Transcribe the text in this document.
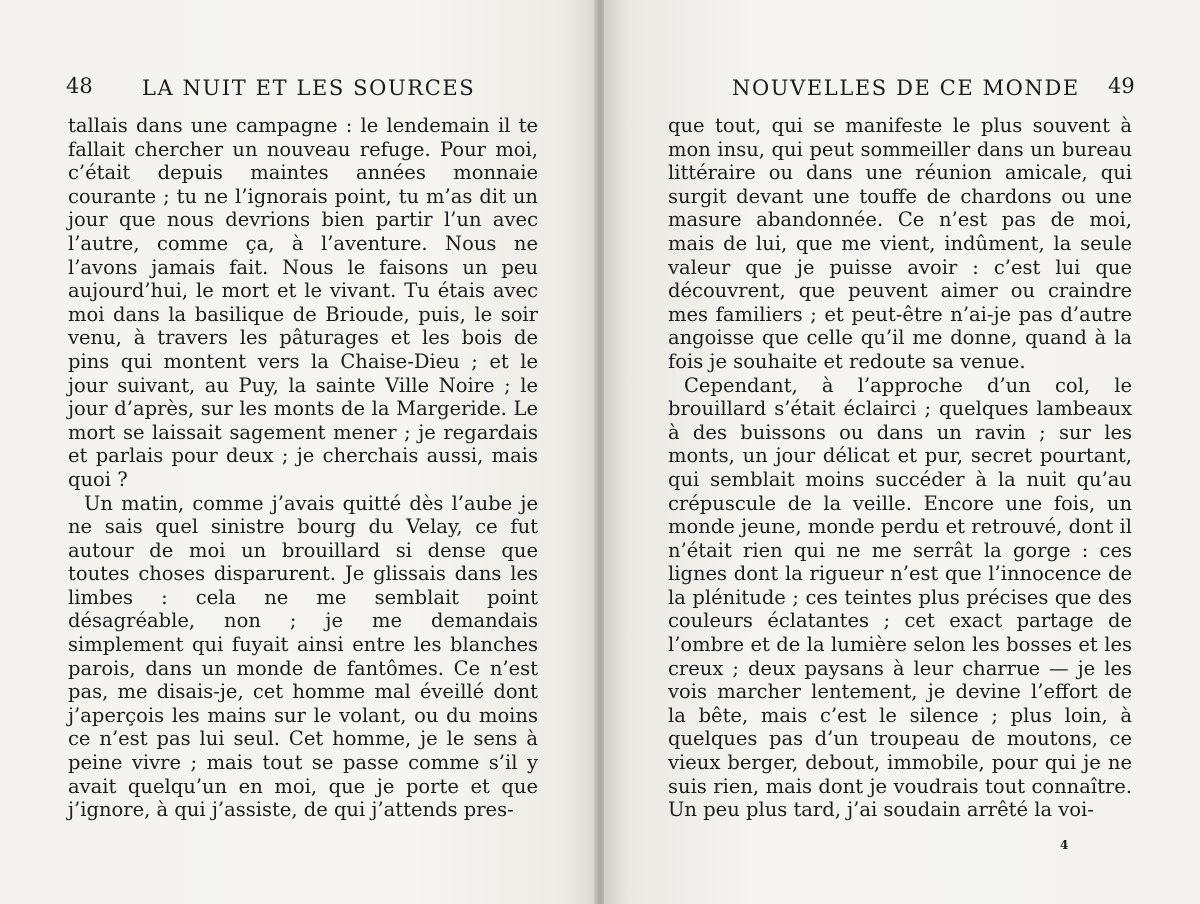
48 LA NUIT ET LES SOURCES

tallais dans une campagne : le lendemain il te fallait chercher un nouveau refuge. Pour moi, c’était depuis maintes années monnaie courante ; tu ne l’ignorais point, tu m’as dit un jour que nous devrions bien partir l’un avec l’autre, comme ça, à l’aventure. Nous ne l’avons jamais fait. Nous le faisons un peu aujourd’hui, le mort et le vivant. Tu étais avec moi dans la basilique de Brioude, puis, le soir venu, à travers les pâturages et les bois de pins qui montent vers la Chaise-Dieu ; et le jour suivant, au Puy, la sainte Ville Noire ; le jour d’après, sur les monts de la Margeride. Le mort se laissait sagement mener ; je regardais et parlais pour deux ; je cherchais aussi, mais quoi ?

Un matin, comme j’avais quitté dès l’aube je ne sais quel sinistre bourg du Velay, ce fut autour de moi un brouillard si dense que toutes choses disparurent. Je glissais dans les limbes : cela ne me semblait point désagréable, non ; je me demandais simplement qui fuyait ainsi entre les blanches parois, dans un monde de fantômes. Ce n’est pas, me disais-je, cet homme mal éveillé dont j’aperçois les mains sur le volant, ou du moins ce n’est pas lui seul. Cet homme, je le sens à peine vivre ; mais tout se passe comme s’il y avait quelqu’un en moi, que je porte et que j’ignore, à qui j’assiste, de qui j’attends pres-

NOUVELLES DE CE MONDE 49

que tout, qui se manifeste le plus souvent à mon insu, qui peut sommeiller dans un bureau littéraire ou dans une réunion amicale, qui surgit devant une touffe de chardons ou une masure abandonnée. Ce n’est pas de moi, mais de lui, que me vient, indûment, la seule valeur que je puisse avoir : c’est lui que découvrent, que peuvent aimer ou craindre mes familiers ; et peut-être n’ai-je pas d’autre angoisse que celle qu’il me donne, quand à la fois je souhaite et redoute sa venue.

Cependant, à l’approche d’un col, le brouillard s’était éclairci ; quelques lambeaux à des buissons ou dans un ravin ; sur les monts, un jour délicat et pur, secret pourtant, qui semblait moins succéder à la nuit qu’au crépuscule de la veille. Encore une fois, un monde jeune, monde perdu et retrouvé, dont il n’était rien qui ne me serrât la gorge : ces lignes dont la rigueur n’est que l’innocence de la plénitude ; ces teintes plus précises que des couleurs éclatantes ; cet exact partage de l’ombre et de la lumière selon les bosses et les creux ; deux paysans à leur charrue — je les vois marcher lentement, je devine l’effort de la bête, mais c’est le silence ; plus loin, à quelques pas d’un troupeau de moutons, ce vieux berger, debout, immobile, pour qui je ne suis rien, mais dont je voudrais tout connaître. Un peu plus tard, j’ai soudain arrêté la voi-

4
